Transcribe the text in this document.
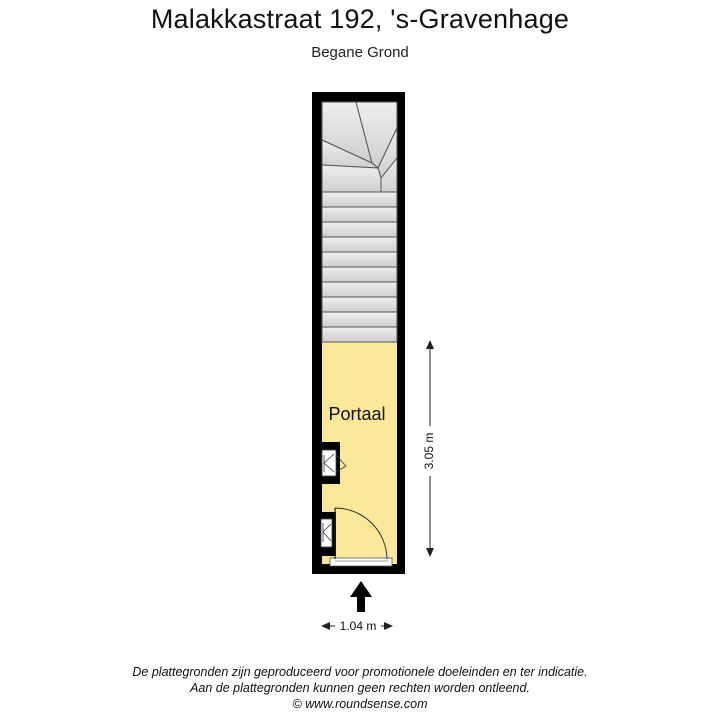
Malakkastraat 192, 's-Gravenhage
Begane Grond
Portaal
3.05 m
1.04 m
De plattegronden zijn geproduceerd voor promotionele doeleinden en ter indicatie.
Aan de plattegronden kunnen geen rechten worden ontleend.
© www.roundsense.com
